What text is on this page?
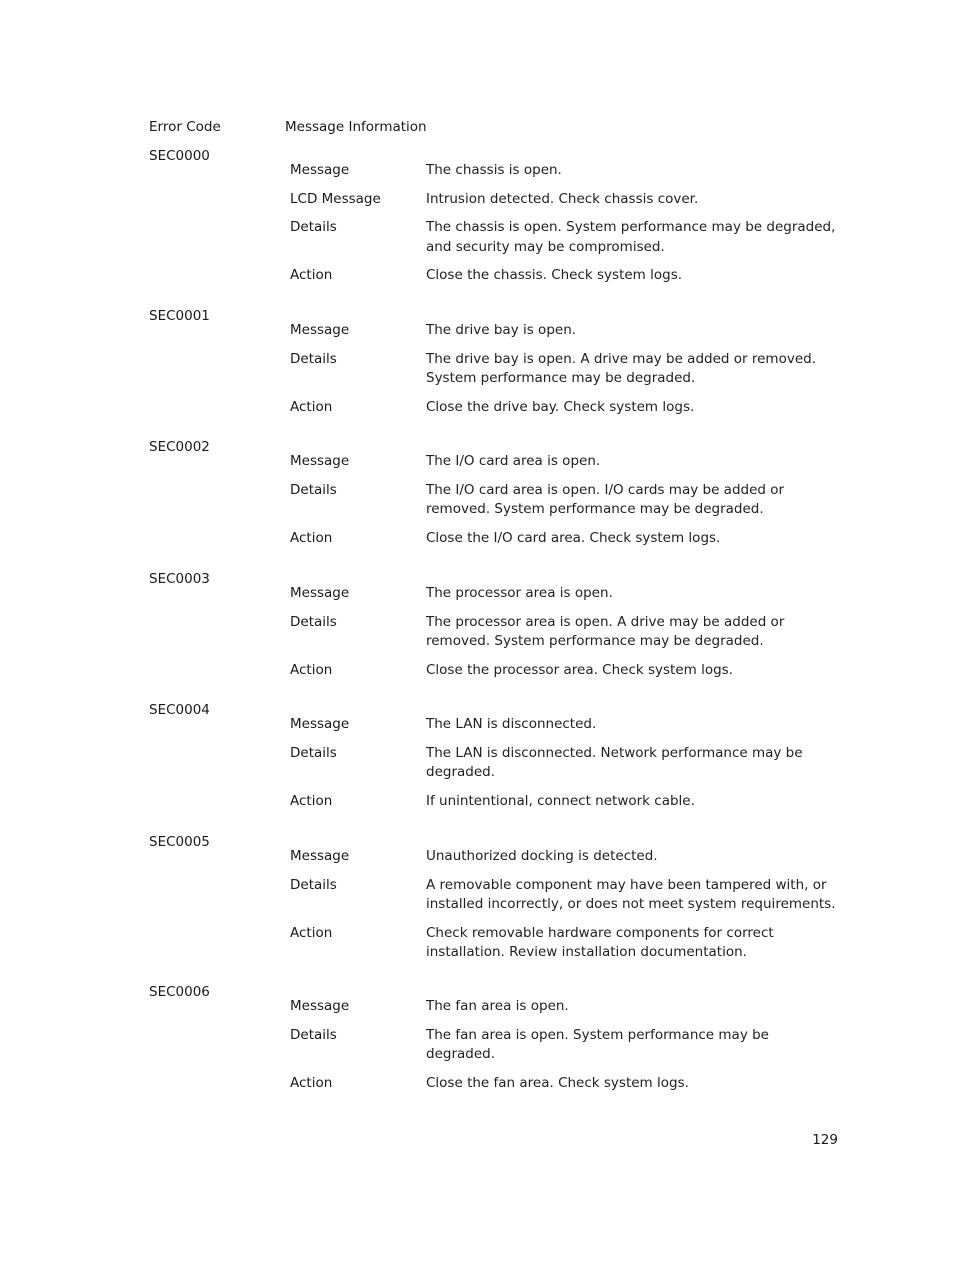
Error Code	Message Information
SEC0000
Message	The chassis is open.
LCD Message	Intrusion detected. Check chassis cover.
Details	The chassis is open. System performance may be degraded, and security may be compromised.
Action	Close the chassis. Check system logs.
SEC0001
Message	The drive bay is open.
Details	The drive bay is open. A drive may be added or removed. System performance may be degraded.
Action	Close the drive bay. Check system logs.
SEC0002
Message	The I/O card area is open.
Details	The I/O card area is open. I/O cards may be added or removed. System performance may be degraded.
Action	Close the I/O card area. Check system logs.
SEC0003
Message	The processor area is open.
Details	The processor area is open. A drive may be added or removed. System performance may be degraded.
Action	Close the processor area. Check system logs.
SEC0004
Message	The LAN is disconnected.
Details	The LAN is disconnected. Network performance may be degraded.
Action	If unintentional, connect network cable.
SEC0005
Message	Unauthorized docking is detected.
Details	A removable component may have been tampered with, or installed incorrectly, or does not meet system requirements.
Action	Check removable hardware components for correct installation. Review installation documentation.
SEC0006
Message	The fan area is open.
Details	The fan area is open. System performance may be degraded.
Action	Close the fan area. Check system logs.
129
